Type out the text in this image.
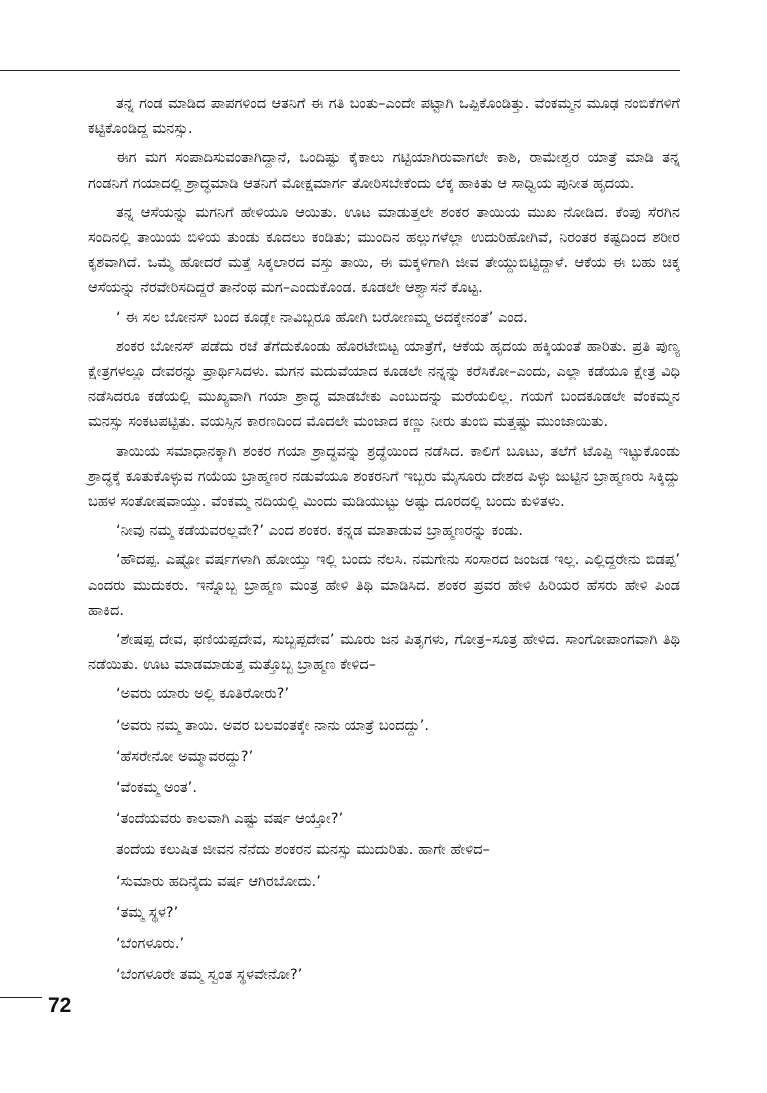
ತನ್ನ ಗಂಡ ಮಾಡಿದ ಪಾಪಗಳಿಂದ ಆತನಿಗೆ ಈ ಗತಿ ಬಂತು–ಎಂದೇ ಪಟ್ಟಾಗಿ ಒಪ್ಪಿಕೊಂಡಿತ್ತು. ವೆಂಕಮ್ಮನ ಮೂಢ ನಂಬಿಕೆಗಳಿಗೆ ಕಟ್ಟಿಕೊಂಡಿದ್ದ ಮನಸ್ಸು.

ಈಗ ಮಗ ಸಂಪಾದಿಸುವಂತಾಗಿದ್ದಾನೆ, ಒಂದಿಷ್ಟು ಕೈಕಾಲು ಗಟ್ಟಿಯಾಗಿರುವಾಗಲೇ ಕಾಶಿ, ರಾಮೇಶ್ವರ ಯಾತ್ರೆ ಮಾಡಿ ತನ್ನ ಗಂಡನಿಗೆ ಗಯಾದಲ್ಲಿ ಶ್ರಾದ್ಧಮಾಡಿ ಆತನಿಗೆ ಮೋಕ್ಷಮಾರ್ಗ ತೋರಿಸಬೇಕೆಂದು ಲೆಕ್ಕ ಹಾಕಿತು ಆ ಸಾಧ್ವಿಯ ಪುನೀತ ಹೃದಯ.

ತನ್ನ ಆಸೆಯನ್ನು ಮಗನಿಗೆ ಹೇಳಿಯೂ ಆಯಿತು. ಊಟ ಮಾಡುತ್ತಲೇ ಶಂಕರ ತಾಯಿಯ ಮುಖ ನೋಡಿದ. ಕೆಂಪು ಸೆರಗಿನ ಸಂದಿನಲ್ಲಿ ತಾಯಿಯ ಬಿಳಿಯ ತುಂಡು ಕೂದಲು ಕಂಡಿತು; ಮುಂದಿನ ಹಲ್ಲುಗಳೆಲ್ಲಾ ಉದುರಿಹೋಗಿವೆ, ನಿರಂತರ ಕಷ್ಟದಿಂದ ಶರೀರ ಕೃಶವಾಗಿದೆ. ಒಮ್ಮೆ ಹೋದರೆ ಮತ್ತೆ ಸಿಕ್ಕಲಾರದ ವಸ್ತು ತಾಯಿ, ಈ ಮಕ್ಕಳಿಗಾಗಿ ಜೀವ ತೇಯ್ದುಬಿಟ್ಟಿದ್ದಾಳೆ. ಆಕೆಯ ಈ ಬಹು ಚಿಕ್ಕ ಆಸೆಯನ್ನು ನೆರವೇರಿಸದಿದ್ದರೆ ತಾನೆಂಥ ಮಗ–ಎಂದುಕೊಂಡ. ಕೂಡಲೇ ಆಶ್ವಾಸನೆ ಕೊಟ್ಟ.

‘ ಈ ಸಲ ಬೋನಸ್ ಬಂದ ಕೂಡ್ಲೇ ನಾವಿಬ್ಬರೂ ಹೋಗಿ ಬರೋಣಮ್ಮ ಅದಕ್ಕೇನಂತೆ’ ಎಂದ.

ಶಂಕರ ಬೋನಸ್ ಪಡೆದು ರಜೆ ತೆಗೆದುಕೊಂಡು ಹೊರಟೇಬಿಟ್ಟ ಯಾತ್ರೆಗೆ, ಆಕೆಯ ಹೃದಯ ಹಕ್ಕಿಯಂತೆ ಹಾರಿತು. ಪ್ರತಿ ಪುಣ್ಯ ಕ್ಷೇತ್ರಗಳಲ್ಲೂ ದೇವರನ್ನು ಪ್ರಾರ್ಥಿಸಿದಳು. ಮಗನ ಮದುವೆಯಾದ ಕೂಡಲೇ ನನ್ನನ್ನು ಕರೆಸಿಕೋ–ಎಂದು, ಎಲ್ಲಾ ಕಡೆಯೂ ಕ್ಷೇತ್ರ ವಿಧಿ ನಡೆಸಿದರೂ ಕಡೆಯಲ್ಲಿ ಮುಖ್ಯವಾಗಿ ಗಯಾ ಶ್ರಾದ್ಧ ಮಾಡಬೇಕು ಎಂಬುದನ್ನು ಮರೆಯಲಿಲ್ಲ. ಗಯಗೆ ಬಂದಕೂಡಲೇ ವೆಂಕಮ್ಮನ ಮನಸ್ಸು ಸಂಕಟಪಟ್ಟಿತು. ವಯಸ್ಸಿನ ಕಾರಣದಿಂದ ಮೊದಲೇ ಮಂಜಾದ ಕಣ್ಣು ನೀರು ತುಂಬಿ ಮತ್ತಷ್ಟು ಮುಂಜಾಯಿತು.

ತಾಯಿಯ ಸಮಾಧಾನಕ್ಕಾಗಿ ಶಂಕರ ಗಯಾ ಶ್ರಾದ್ಧವನ್ನು ಶ್ರದ್ಧೆಯಿಂದ ನಡೆಸಿದ. ಕಾಲಿಗೆ ಬೂಟು, ತಲೆಗೆ ಟೊಪ್ಪಿ ಇಟ್ಟುಕೊಂಡು ಶ್ರಾದ್ಧಕ್ಕೆ ಕೂತುಕೊಳ್ಳುವ ಗಯೆಯ ಬ್ರಾಹ್ಮಣರ ನಡುವೆಯೂ ಶಂಕರನಿಗೆ ಇಬ್ಬರು ಮೈಸೂರು ದೇಶದ ಪಿಳ್ಳು ಜುಟ್ಟಿನ ಬ್ರಾಹ್ಮಣರು ಸಿಕ್ಕಿದ್ದು ಬಹಳ ಸಂತೋಷವಾಯ್ತು. ವೆಂಕಮ್ಮ ನದಿಯಲ್ಲಿ ಮಿಂದು ಮಡಿಯುಟ್ಟು ಅಷ್ಟು ದೂರದಲ್ಲಿ ಬಂದು ಕುಳಿತಳು.

‘ನೀವು ನಮ್ಮ ಕಡೆಯವರಲ್ಲವೇ?’ ಎಂದ ಶಂಕರ. ಕನ್ನಡ ಮಾತಾಡುವ ಬ್ರಾಹ್ಮಣರನ್ನು ಕಂಡು.

‘ಹೌದಪ್ಪ. ಎಷ್ಟೋ ವರ್ಷಗಳಾಗಿ ಹೋಯ್ತು ಇಲ್ಲಿ ಬಂದು ನೆಲಸಿ. ನಮಗೇನು ಸಂಸಾರದ ಜಂಜಡ ಇಲ್ಲ. ಎಲ್ಲಿದ್ದರೇನು ಬಿಡಪ್ಪ’ ಎಂದರು ಮುದುಕರು. ಇನ್ನೊಬ್ಬ ಬ್ರಾಹ್ಮಣ ಮಂತ್ರ ಹೇಳಿ ತಿಥಿ ಮಾಡಿಸಿದ. ಶಂಕರ ಪ್ರವರ ಹೇಳಿ ಹಿರಿಯರ ಹೆಸರು ಹೇಳಿ ಪಿಂಡ ಹಾಕಿದ.

‘ಶೇಷಪ್ಪ ದೇವ, ಫಣಿಯಪ್ಪದೇವ, ಸುಬ್ಬಪ್ಪದೇವ’ ಮೂರು ಜನ ಪಿತೃಗಳು, ಗೋತ್ರ–ಸೂತ್ರ ಹೇಳಿದ. ಸಾಂಗೋಪಾಂಗವಾಗಿ ತಿಥಿ ನಡೆಯಿತು. ಊಟ ಮಾಡಮಾಡುತ್ತ ಮತ್ತೊಬ್ಬ ಬ್ರಾಹ್ಮಣ ಕೇಳಿದ–

‘ಅವರು ಯಾರು ಅಲ್ಲಿ ಕೂತಿರೋರು?’

‘ಅವರು ನಮ್ಮ ತಾಯಿ. ಅವರ ಬಲವಂತಕ್ಕೇ ನಾನು ಯಾತ್ರೆ ಬಂದದ್ದು’.

‘ಹೆಸರೇನೋ ಅಮ್ಮಾವರದ್ದು?’

‘ವೆಂಕಮ್ಮ ಅಂತ’.

‘ತಂದೆಯವರು ಕಾಲವಾಗಿ ಎಷ್ಟು ವರ್ಷ ಆಯ್ತೋ?’

ತಂದೆಯ ಕಲುಷಿತ ಜೀವನ ನೆನೆದು ಶಂಕರನ ಮನಸ್ಸು ಮುದುರಿತು. ಹಾಗೇ ಹೇಳಿದ–

‘ಸುಮಾರು ಹದಿನೈದು ವರ್ಷ ಆಗಿರಬೋದು.’

‘ತಮ್ಮ ಸ್ಥಳ?’

‘ಬೆಂಗಳೂರು.’

‘ಬೆಂಗಳೂರೇ ತಮ್ಮ ಸ್ವಂತ ಸ್ಥಳವೇನೋ?’

72
